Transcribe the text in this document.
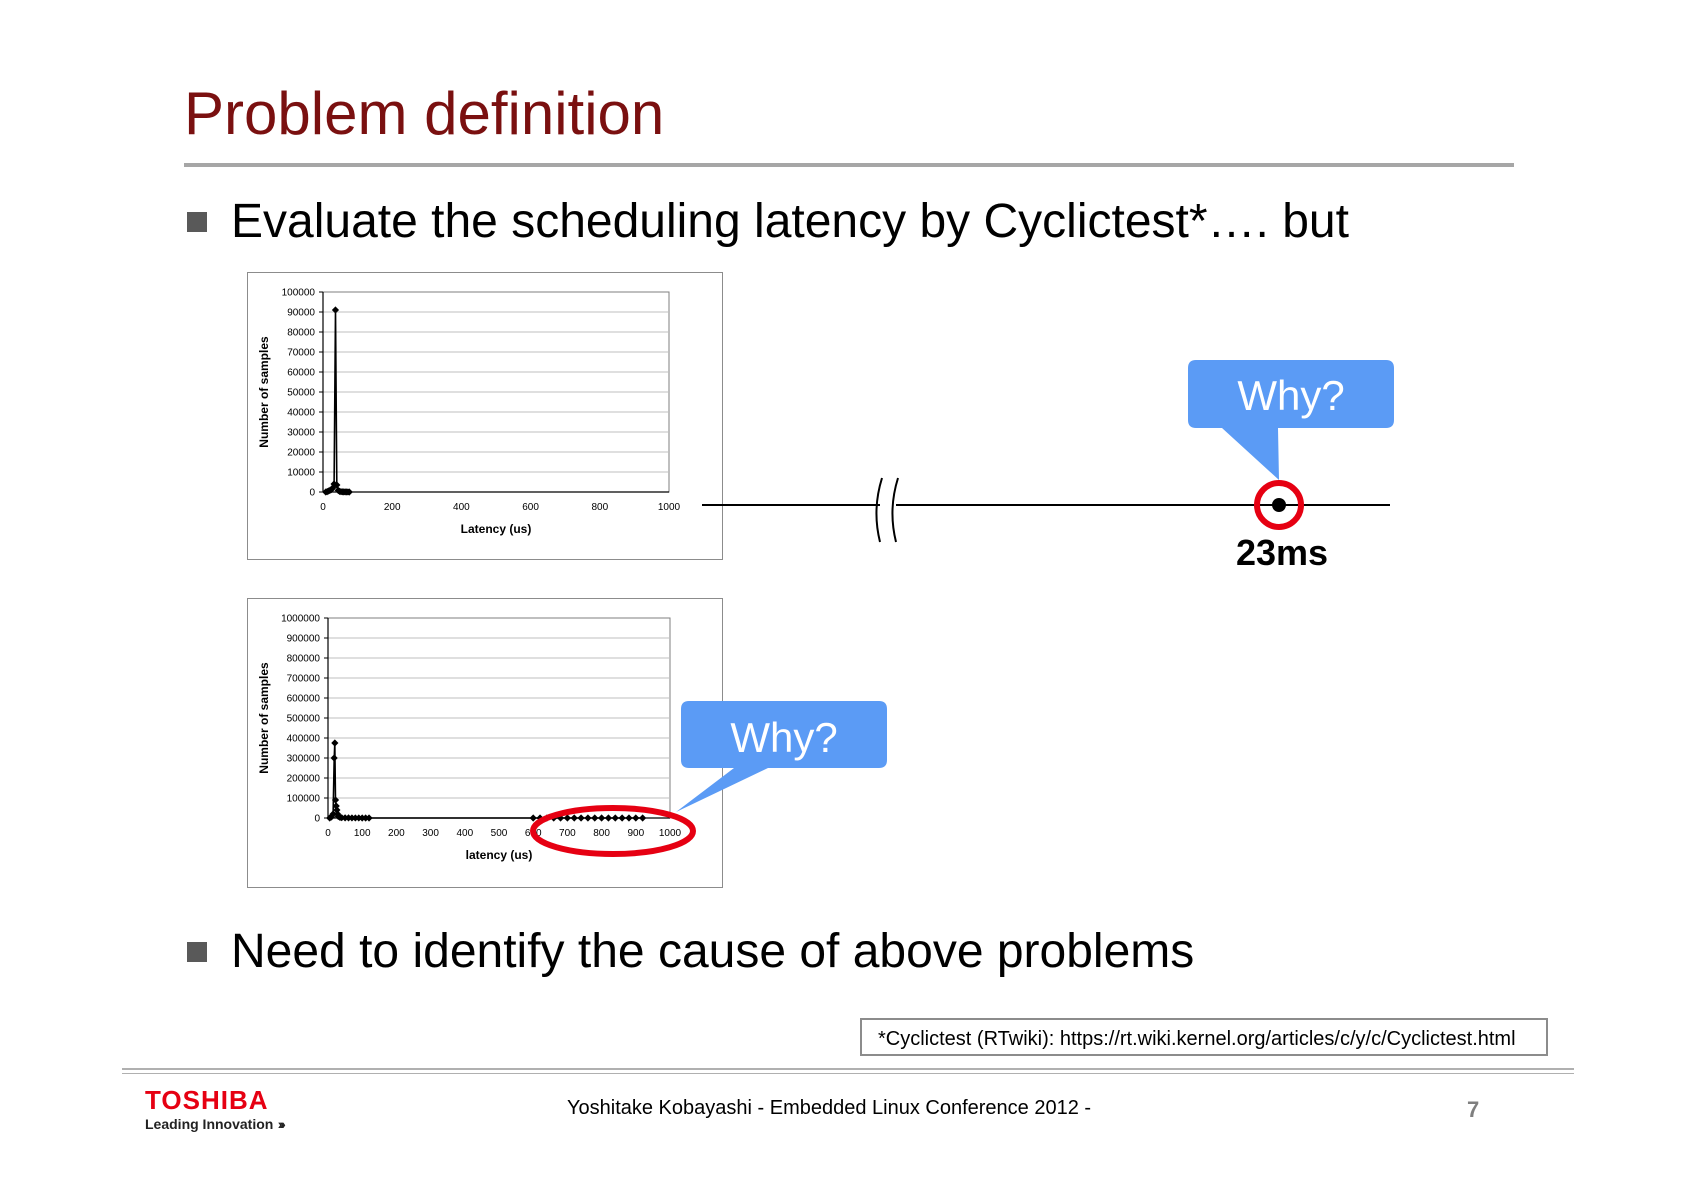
Problem definition
Evaluate the scheduling latency by Cyclictest*…. but
0
10000
20000
30000
40000
50000
60000
70000
80000
90000
100000
0	200	400	600	800	1000
Latency (us)
Number of samples
0
100000
200000
300000
400000
500000
600000
700000
800000
900000
1000000
0 100 200 300 400 500 600 700 800 900 1000
latency (us)
Number of samples
Why?
23ms
Why?
Need to identify the cause of above problems
*Cyclictest (RTwiki): https://rt.wiki.kernel.org/articles/c/y/c/Cyclictest.html
TOSHIBA
Leading Innovation ›››
Yoshitake Kobayashi - Embedded Linux Conference 2012 -	7
